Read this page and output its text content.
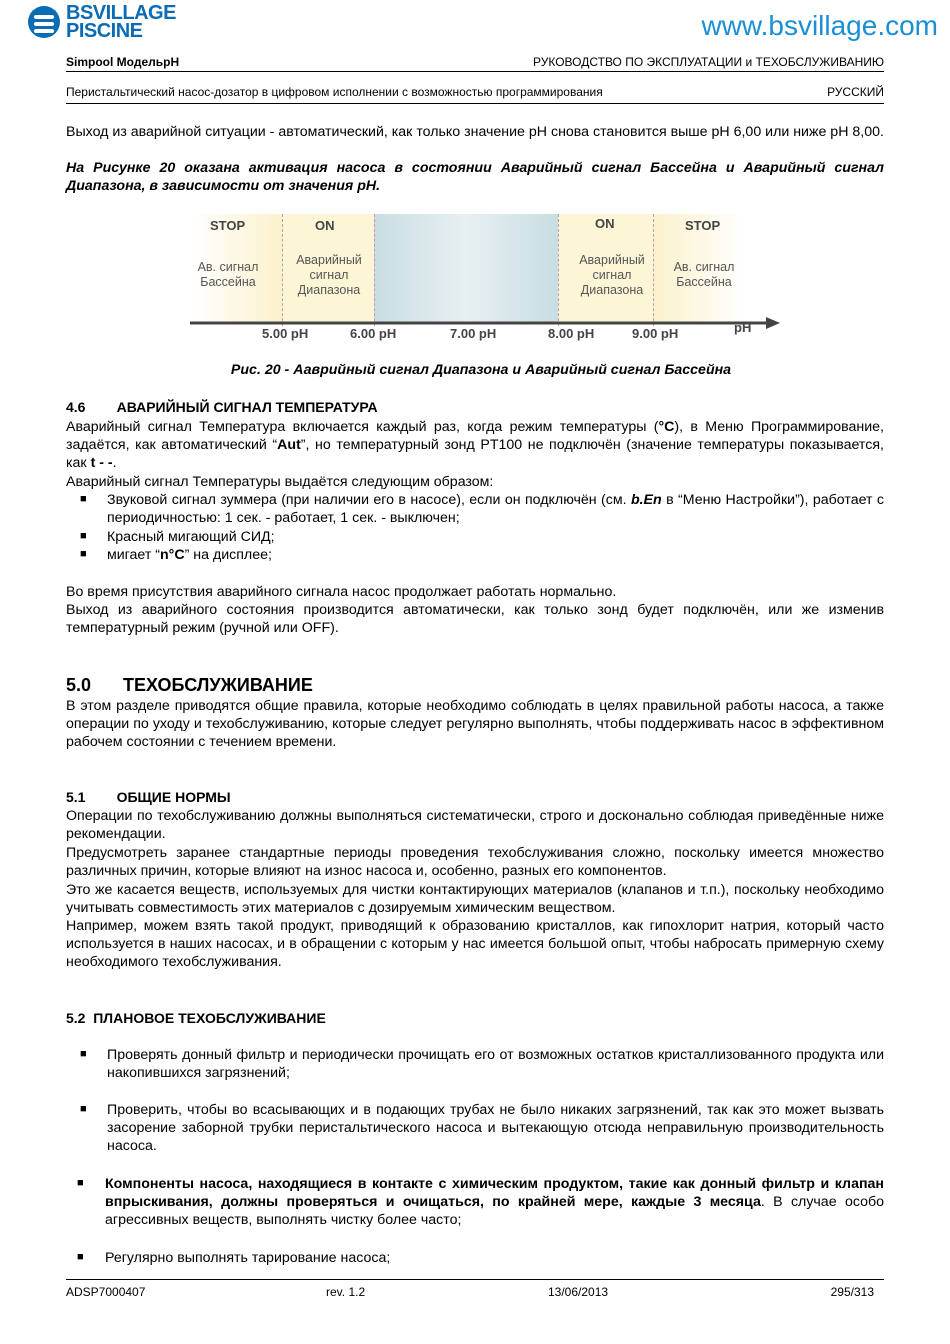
BSVILLAGE
PISCINE	www.bsvillage.com
Simpool МодельpH	РУКОВОДСТВО ПО ЭКСПЛУАТАЦИИ и ТЕХОБСЛУЖИВАНИЮ
Перистальтический насос-дозатор в цифровом исполнении с возможностью программирования	РУССКИЙ
Выход из аварийной ситуации - автоматический, как только значение pH снова становится выше pH 6,00 или ниже pH 8,00.
На Рисунке 20 оказана активация насоса в состоянии Аварийный сигнал Бассейна и Аварийный сигнал Диапазона, в зависимости от значения pH.
STOP	ON	ON	STOP
Ав. сигнал
Бассейна
Аварийный
сигнал
Диапазона
Аварийный
сигнал
Диапазона
Ав. сигнал
Бассейна
5.00 pH	6.00 pH	7.00 pH	8.00 pH	9.00 pH	pH
Рис. 20 - Ааврийный сигнал Диапазона и Аварийный сигнал Бассейна
4.6        АВАРИЙНЫЙ СИГНАЛ ТЕМПЕРАТУРА
Аварийный сигнал Температура включается каждый раз, когда режим температуры (°C), в Меню Программирование, задаётся, как автоматический “Aut”, но температурный зонд PT100 не подключён (значение температуры показывается, как t - -.
Аварийный сигнал Температуры выдаётся следующим образом:
■	Звуковой сигнал зуммера (при наличии его в насосе), если он подключён (см. b.En в “Меню Настройки”), работает с периодичностью: 1 сек. - работает, 1 сек. - выключен;
■	Красный мигающий СИД;
■	мигает “n°C” на дисплее;
Во время присутствия аварийного сигнала насос продолжает работать нормально.
Выход из аварийного состояния производится автоматически, как только зонд будет подключён, или же изменив температурный режим (ручной или OFF).
5.0 ТЕХОБСЛУЖИВАНИЕ
В этом разделе приводятся общие правила, которые необходимо соблюдать в целях правильной работы насоса, а также операции по уходу и техобслуживанию, которые следует регулярно выполнять, чтобы поддерживать насос в эффективном рабочем состоянии с течением времени.
5.1        ОБЩИЕ НОРМЫ
Операции по техобслуживанию должны выполняться систематически, строго и досконально соблюдая приведённые ниже рекомендации.
Предусмотреть заранее стандартные периоды проведения техобслуживания сложно, поскольку имеется множество различных причин, которые влияют на износ насоса и, особенно, разных его компонентов.
Это же касается веществ, используемых для чистки контактирующих материалов (клапанов и т.п.), поскольку необходимо учитывать совместимость этих материалов с дозируемым химическим веществом.
Например, можем взять такой продукт, приводящий к образованию кристаллов, как гипохлорит натрия, который часто используется в наших насосах, и в обращении с которым у нас имеется большой опыт, чтобы набросать примерную схему необходимого техобслуживания.
5.2  ПЛАНОВОЕ ТЕХОБСЛУЖИВАНИЕ
■	Проверять донный фильтр и периодически прочищать его от возможных остатков кристаллизованного продукта или накопившихся загрязнений;
■	Проверить, чтобы во всасывающих и в подающих трубах не было никаких загрязнений, так как это может вызвать засорение заборной трубки перистальтического насоса и вытекающую отсюда неправильную производительность насоса.
■	Компоненты насоса, находящиеся в контакте с химическим продуктом, такие как донный фильтр и клапан впрыскивания, должны проверяться и очищаться, по крайней мере, каждые 3 месяца. В случае особо агрессивных веществ, выполнять чистку более часто;
■	Регулярно выполнять тарирование насоса;
ADSP7000407	rev. 1.2	13/06/2013	295/313
